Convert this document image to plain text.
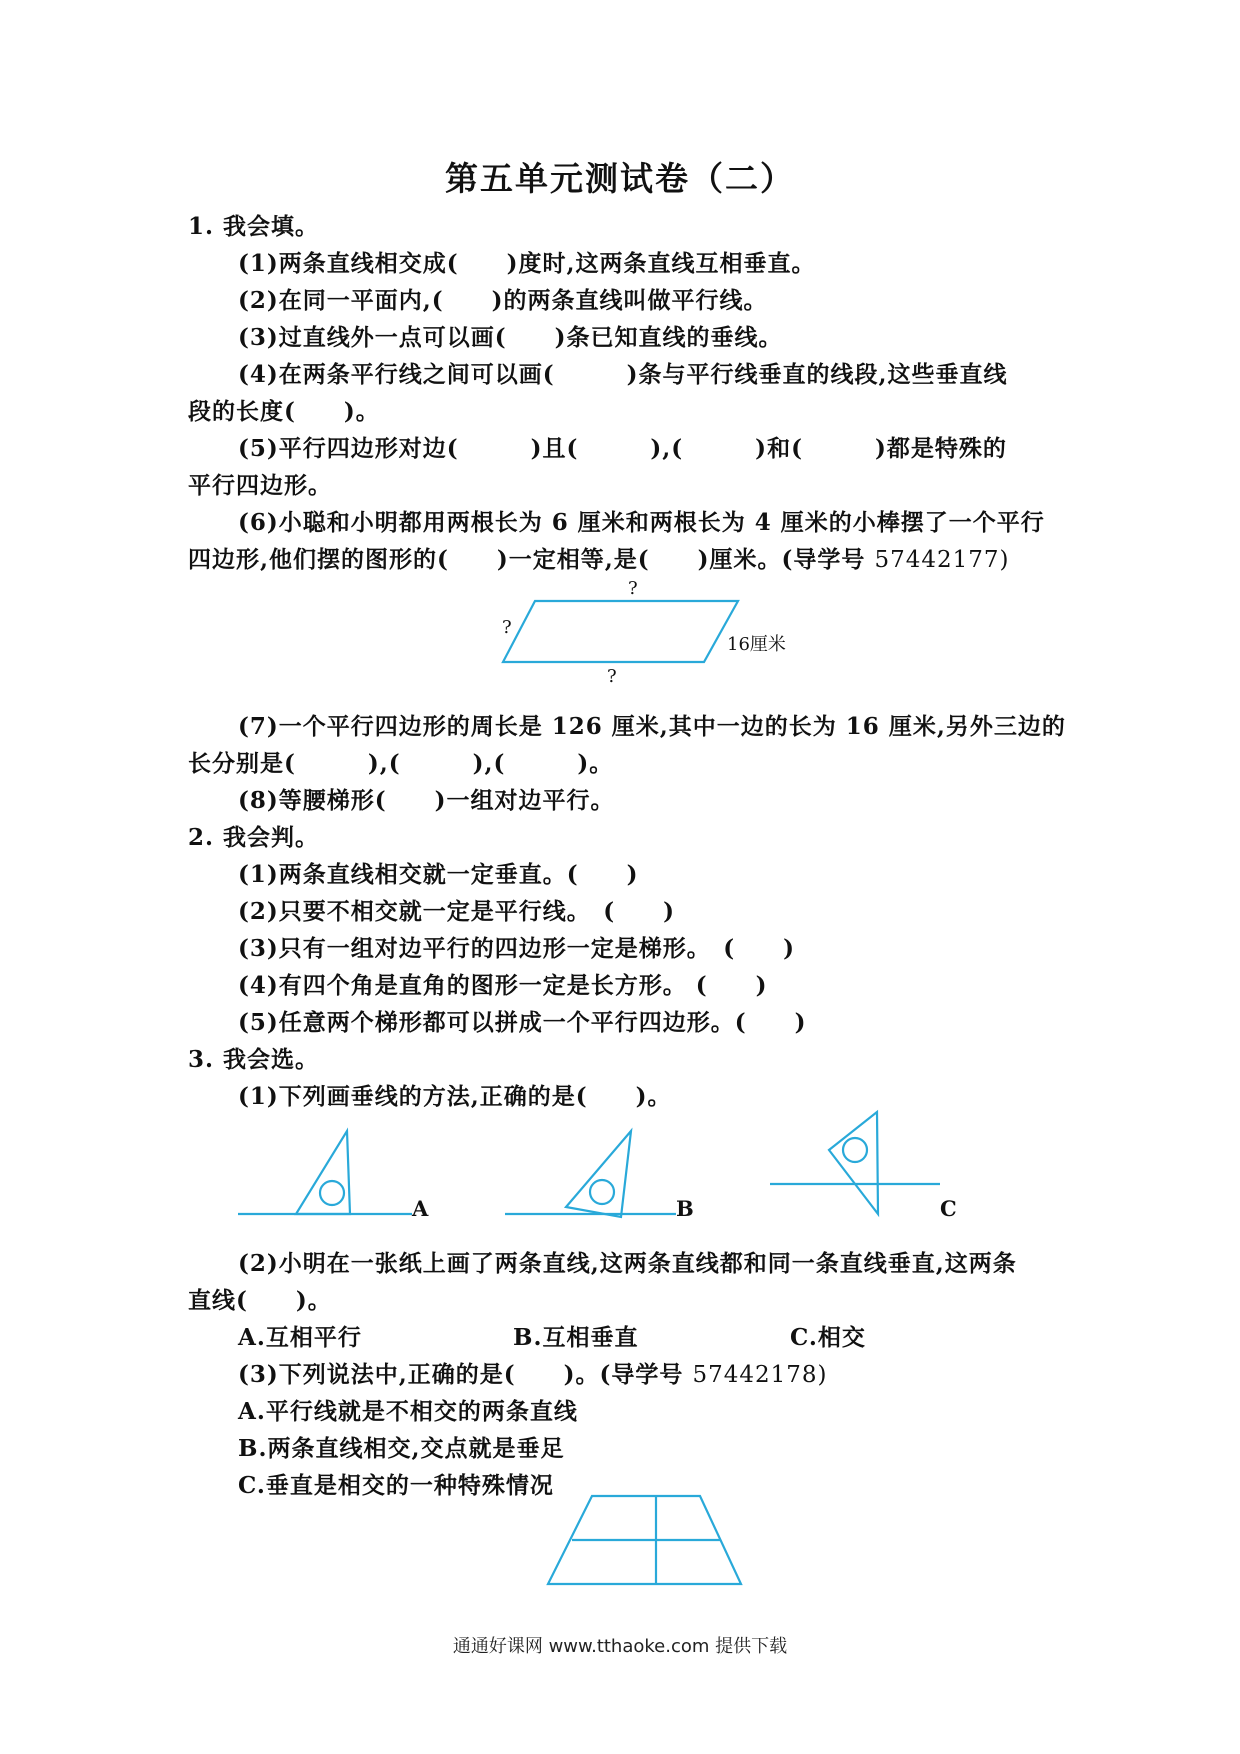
第五单元测试卷（二）
1. 我会填。
(1)两条直线相交成(　　)度时,这两条直线互相垂直。
(2)在同一平面内,(　　)的两条直线叫做平行线。
(3)过直线外一点可以画(　　)条已知直线的垂线。
(4)在两条平行线之间可以画(　　　)条与平行线垂直的线段,这些垂直线
段的长度(　　)。
(5)平行四边形对边(　　　)且(　　　),(　　　)和(　　　)都是特殊的
平行四边形。
(6)小聪和小明都用两根长为 6 厘米和两根长为 4 厘米的小棒摆了一个平行
四边形,他们摆的图形的(　　)一定相等,是(　　)厘米。(导学号 57442177)
?
?
?
16厘米
(7)一个平行四边形的周长是 126 厘米,其中一边的长为 16 厘米,另外三边的
长分别是(　　　),(　　　),(　　　)。
(8)等腰梯形(　　)一组对边平行。
2. 我会判。
(1)两条直线相交就一定垂直。(　　)
(2)只要不相交就一定是平行线。　(　　)
(3)只有一组对边平行的四边形一定是梯形。　(　　)
(4)有四个角是直角的图形一定是长方形。 (　　)
(5)任意两个梯形都可以拼成一个平行四边形。(　　)
3. 我会选。
(1)下列画垂线的方法,正确的是(　　)。
A	B	C
(2)小明在一张纸上画了两条直线,这两条直线都和同一条直线垂直,这两条
直线(　　)。
A.互相平行	B.互相垂直	C.相交
(3)下列说法中,正确的是(　　)。(导学号 57442178)
A.平行线就是不相交的两条直线
B.两条直线相交,交点就是垂足
C.垂直是相交的一种特殊情况
通通好课网 www.tthaoke.com 提供下载
